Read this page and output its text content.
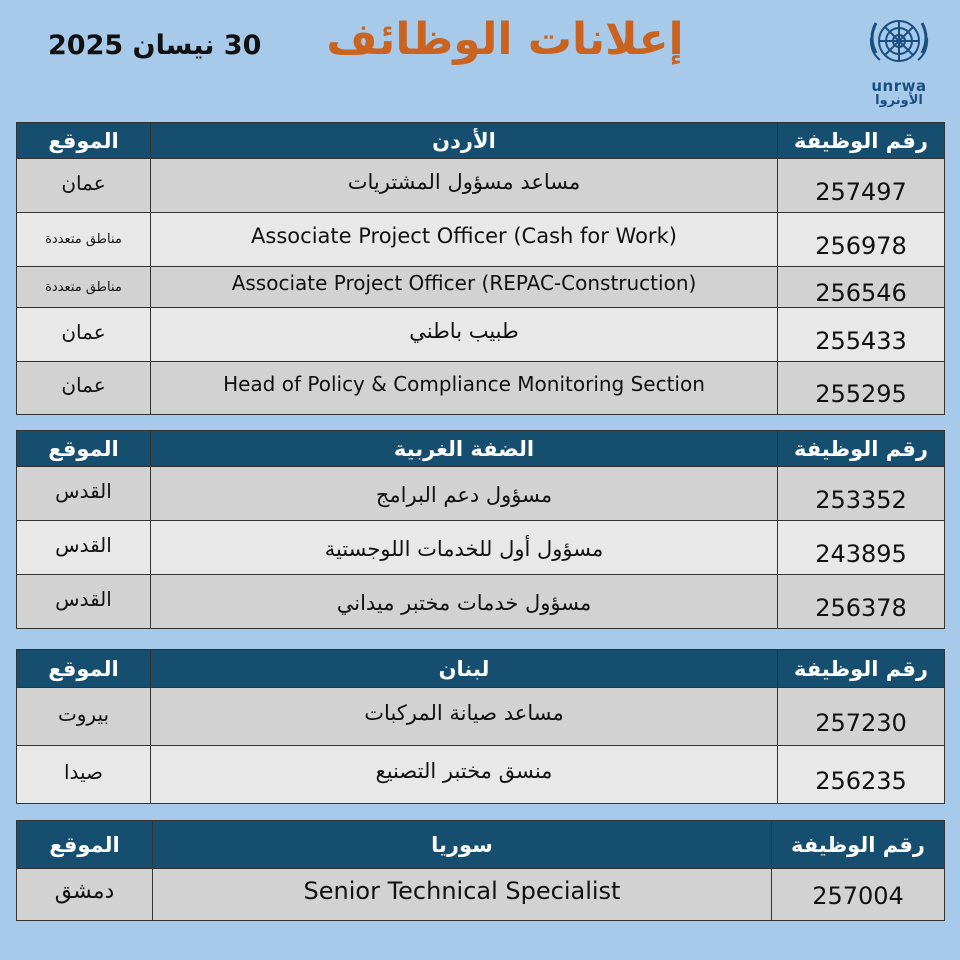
30 نيسان 2025	إعلانات الوظائف
unrwa
الأونروا
رقم الوظيفة	الأردن	الموقع
257497	مساعد مسؤول المشتريات	عمان
256978	Associate Project Officer (Cash for Work)	مناطق متعددة
256546	Associate Project Officer (REPAC-Construction)	مناطق متعددة
255433	طبيب باطني	عمان
255295	Head of Policy & Compliance Monitoring Section	عمان
رقم الوظيفة	الضفة الغربية	الموقع
253352	مسؤول دعم البرامج	القدس
243895	مسؤول أول للخدمات اللوجستية	القدس
256378	مسؤول خدمات مختبر ميداني	القدس
رقم الوظيفة	لبنان	الموقع
257230	مساعد صيانة المركبات	بيروت
256235	منسق مختبر التصنيع	صيدا
رقم الوظيفة	سوريا	الموقع
257004	Senior Technical Specialist	دمشق
